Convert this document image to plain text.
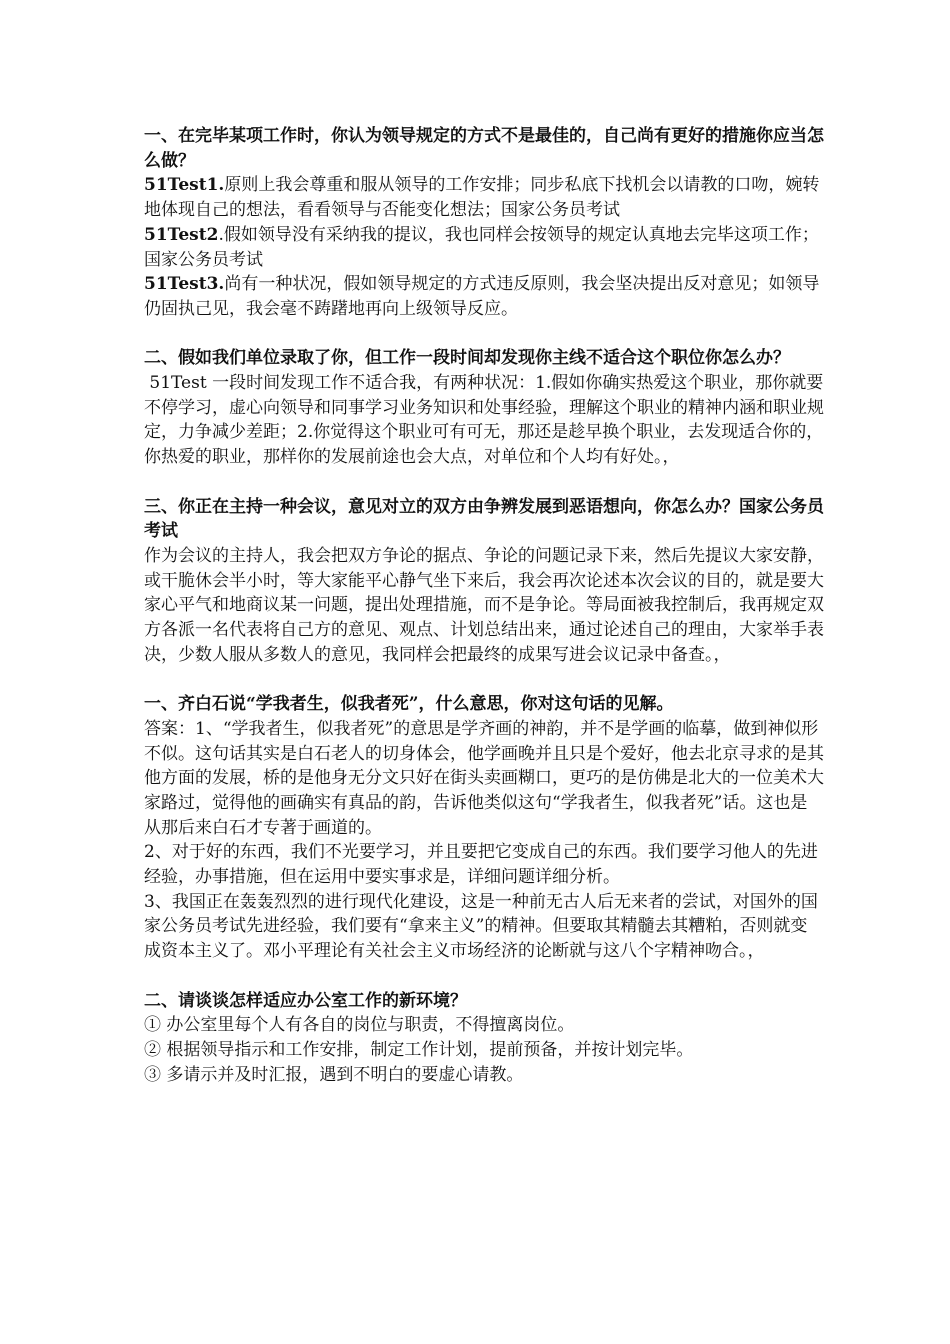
一、在完毕某项工作时，你认为领导规定的方式不是最佳的，自己尚有更好的措施你应当怎么做？

51Test1.原则上我会尊重和服从领导的工作安排；同步私底下找机会以请教的口吻，婉转地体现自己的想法，看看领导与否能变化想法；国家公务员考试

51Test2.假如领导没有采纳我的提议，我也同样会按领导的规定认真地去完毕这项工作；国家公务员考试

51Test3.尚有一种状况，假如领导规定的方式违反原则，我会坚决提出反对意见；如领导仍固执己见，我会毫不踌躇地再向上级领导反应。

二、假如我们单位录取了你，但工作一段时间却发现你主线不适合这个职位你怎么办？

51Test 一段时间发现工作不适合我，有两种状况：1.假如你确实热爱这个职业，那你就要不停学习，虚心向领导和同事学习业务知识和处事经验，理解这个职业的精神内涵和职业规定，力争减少差距；2.你觉得这个职业可有可无，那还是趁早换个职业，去发现适合你的，你热爱的职业，那样你的发展前途也会大点，对单位和个人均有好处。，

三、你正在主持一种会议，意见对立的双方由争辨发展到恶语想向，你怎么办？国家公务员考试

作为会议的主持人，我会把双方争论的据点、争论的问题记录下来，然后先提议大家安静，或干脆休会半小时，等大家能平心静气坐下来后，我会再次论述本次会议的目的，就是要大家心平气和地商议某一问题，提出处理措施，而不是争论。等局面被我控制后，我再规定双方各派一名代表将自己方的意见、观点、计划总结出来，通过论述自己的理由，大家举手表决，少数人服从多数人的意见，我同样会把最终的成果写进会议记录中备查。，

一、齐白石说“学我者生，似我者死”，什么意思，你对这句话的见解。

答案：1、“学我者生，似我者死”的意思是学齐画的神韵，并不是学画的临摹，做到神似形不似。这句话其实是白石老人的切身体会，他学画晚并且只是个爱好，他去北京寻求的是其他方面的发展，桥的是他身无分文只好在街头卖画糊口，更巧的是仿佛是北大的一位美术大家路过，觉得他的画确实有真品的韵，告诉他类似这句“学我者生，似我者死”话。这也是从那后来白石才专著于画道的。

2、对于好的东西，我们不光要学习，并且要把它变成自己的东西。我们要学习他人的先进经验，办事措施，但在运用中要实事求是，详细问题详细分析。

3、我国正在轰轰烈烈的进行现代化建设，这是一种前无古人后无来者的尝试，对国外的国家公务员考试先进经验，我们要有“拿来主义”的精神。但要取其精髓去其糟粕，否则就变成资本主义了。邓小平理论有关社会主义市场经济的论断就与这八个字精神吻合。，

二、请谈谈怎样适应办公室工作的新环境？

① 办公室里每个人有各自的岗位与职责，不得擅离岗位。

② 根据领导指示和工作安排，制定工作计划，提前预备，并按计划完毕。

③ 多请示并及时汇报，遇到不明白的要虚心请教。
